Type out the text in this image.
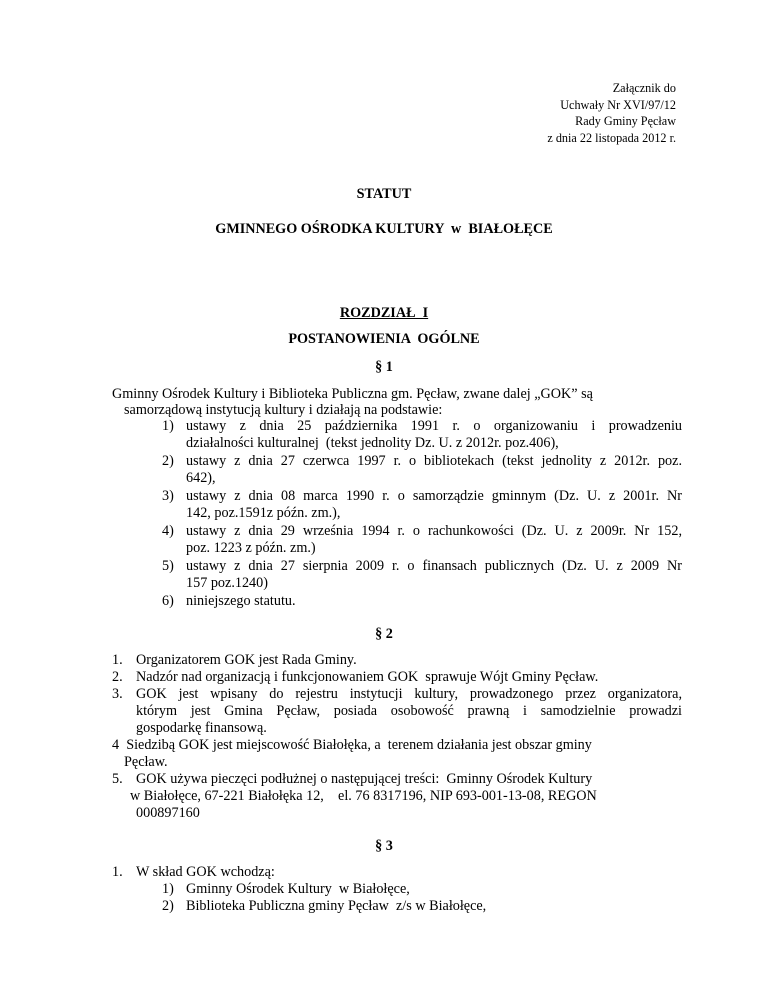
Załącznik do
Uchwały Nr XVI/97/12
Rady Gminy Pęcław
z dnia 22 listopada 2012 r.
STATUT
GMINNEGO OŚRODKA KULTURY  w  BIAŁOŁĘCE
ROZDZIAŁ  I
POSTANOWIENIA  OGÓLNE
§ 1
Gminny Ośrodek Kultury i Biblioteka Publiczna gm. Pęcław, zwane dalej „GOK” są
samorządową instytucją kultury i działają na podstawie:
1) ustawy z dnia 25 października 1991 r. o organizowaniu i prowadzeniu
działalności kulturalnej  (tekst jednolity Dz. U. z 2012r. poz.406),
2) ustawy z dnia 27 czerwca 1997 r. o bibliotekach (tekst jednolity z 2012r. poz.
642),
3) ustawy z dnia 08 marca 1990 r. o samorządzie gminnym (Dz. U. z 2001r. Nr
142, poz.1591z późn. zm.),
4) ustawy z dnia 29 września 1994 r. o rachunkowości (Dz. U. z 2009r. Nr 152,
poz. 1223 z późn. zm.)
5) ustawy z dnia 27 sierpnia 2009 r. o finansach publicznych (Dz. U. z 2009 Nr
157 poz.1240)
6) niniejszego statutu.
§ 2
1. Organizatorem GOK jest Rada Gminy.
2. Nadzór nad organizacją i funkcjonowaniem GOK  sprawuje Wójt Gminy Pęcław.
3. GOK jest wpisany do rejestru instytucji kultury, prowadzonego przez organizatora,
którym jest Gmina Pęcław, posiada osobowość prawną i samodzielnie prowadzi
gospodarkę finansową.
4  Siedzibą GOK jest miejscowość Białołęka, a  terenem działania jest obszar gminy
Pęcław.
5. GOK używa pieczęci podłużnej o następującej treści:  Gminny Ośrodek Kultury
w Białołęce, 67-221 Białołęka 12,    el. 76 8317196, NIP 693-001-13-08, REGON
000897160
§ 3
1. W skład GOK wchodzą:
1) Gminny Ośrodek Kultury  w Białołęce,
2) Biblioteka Publiczna gminy Pęcław  z/s w Białołęce,
